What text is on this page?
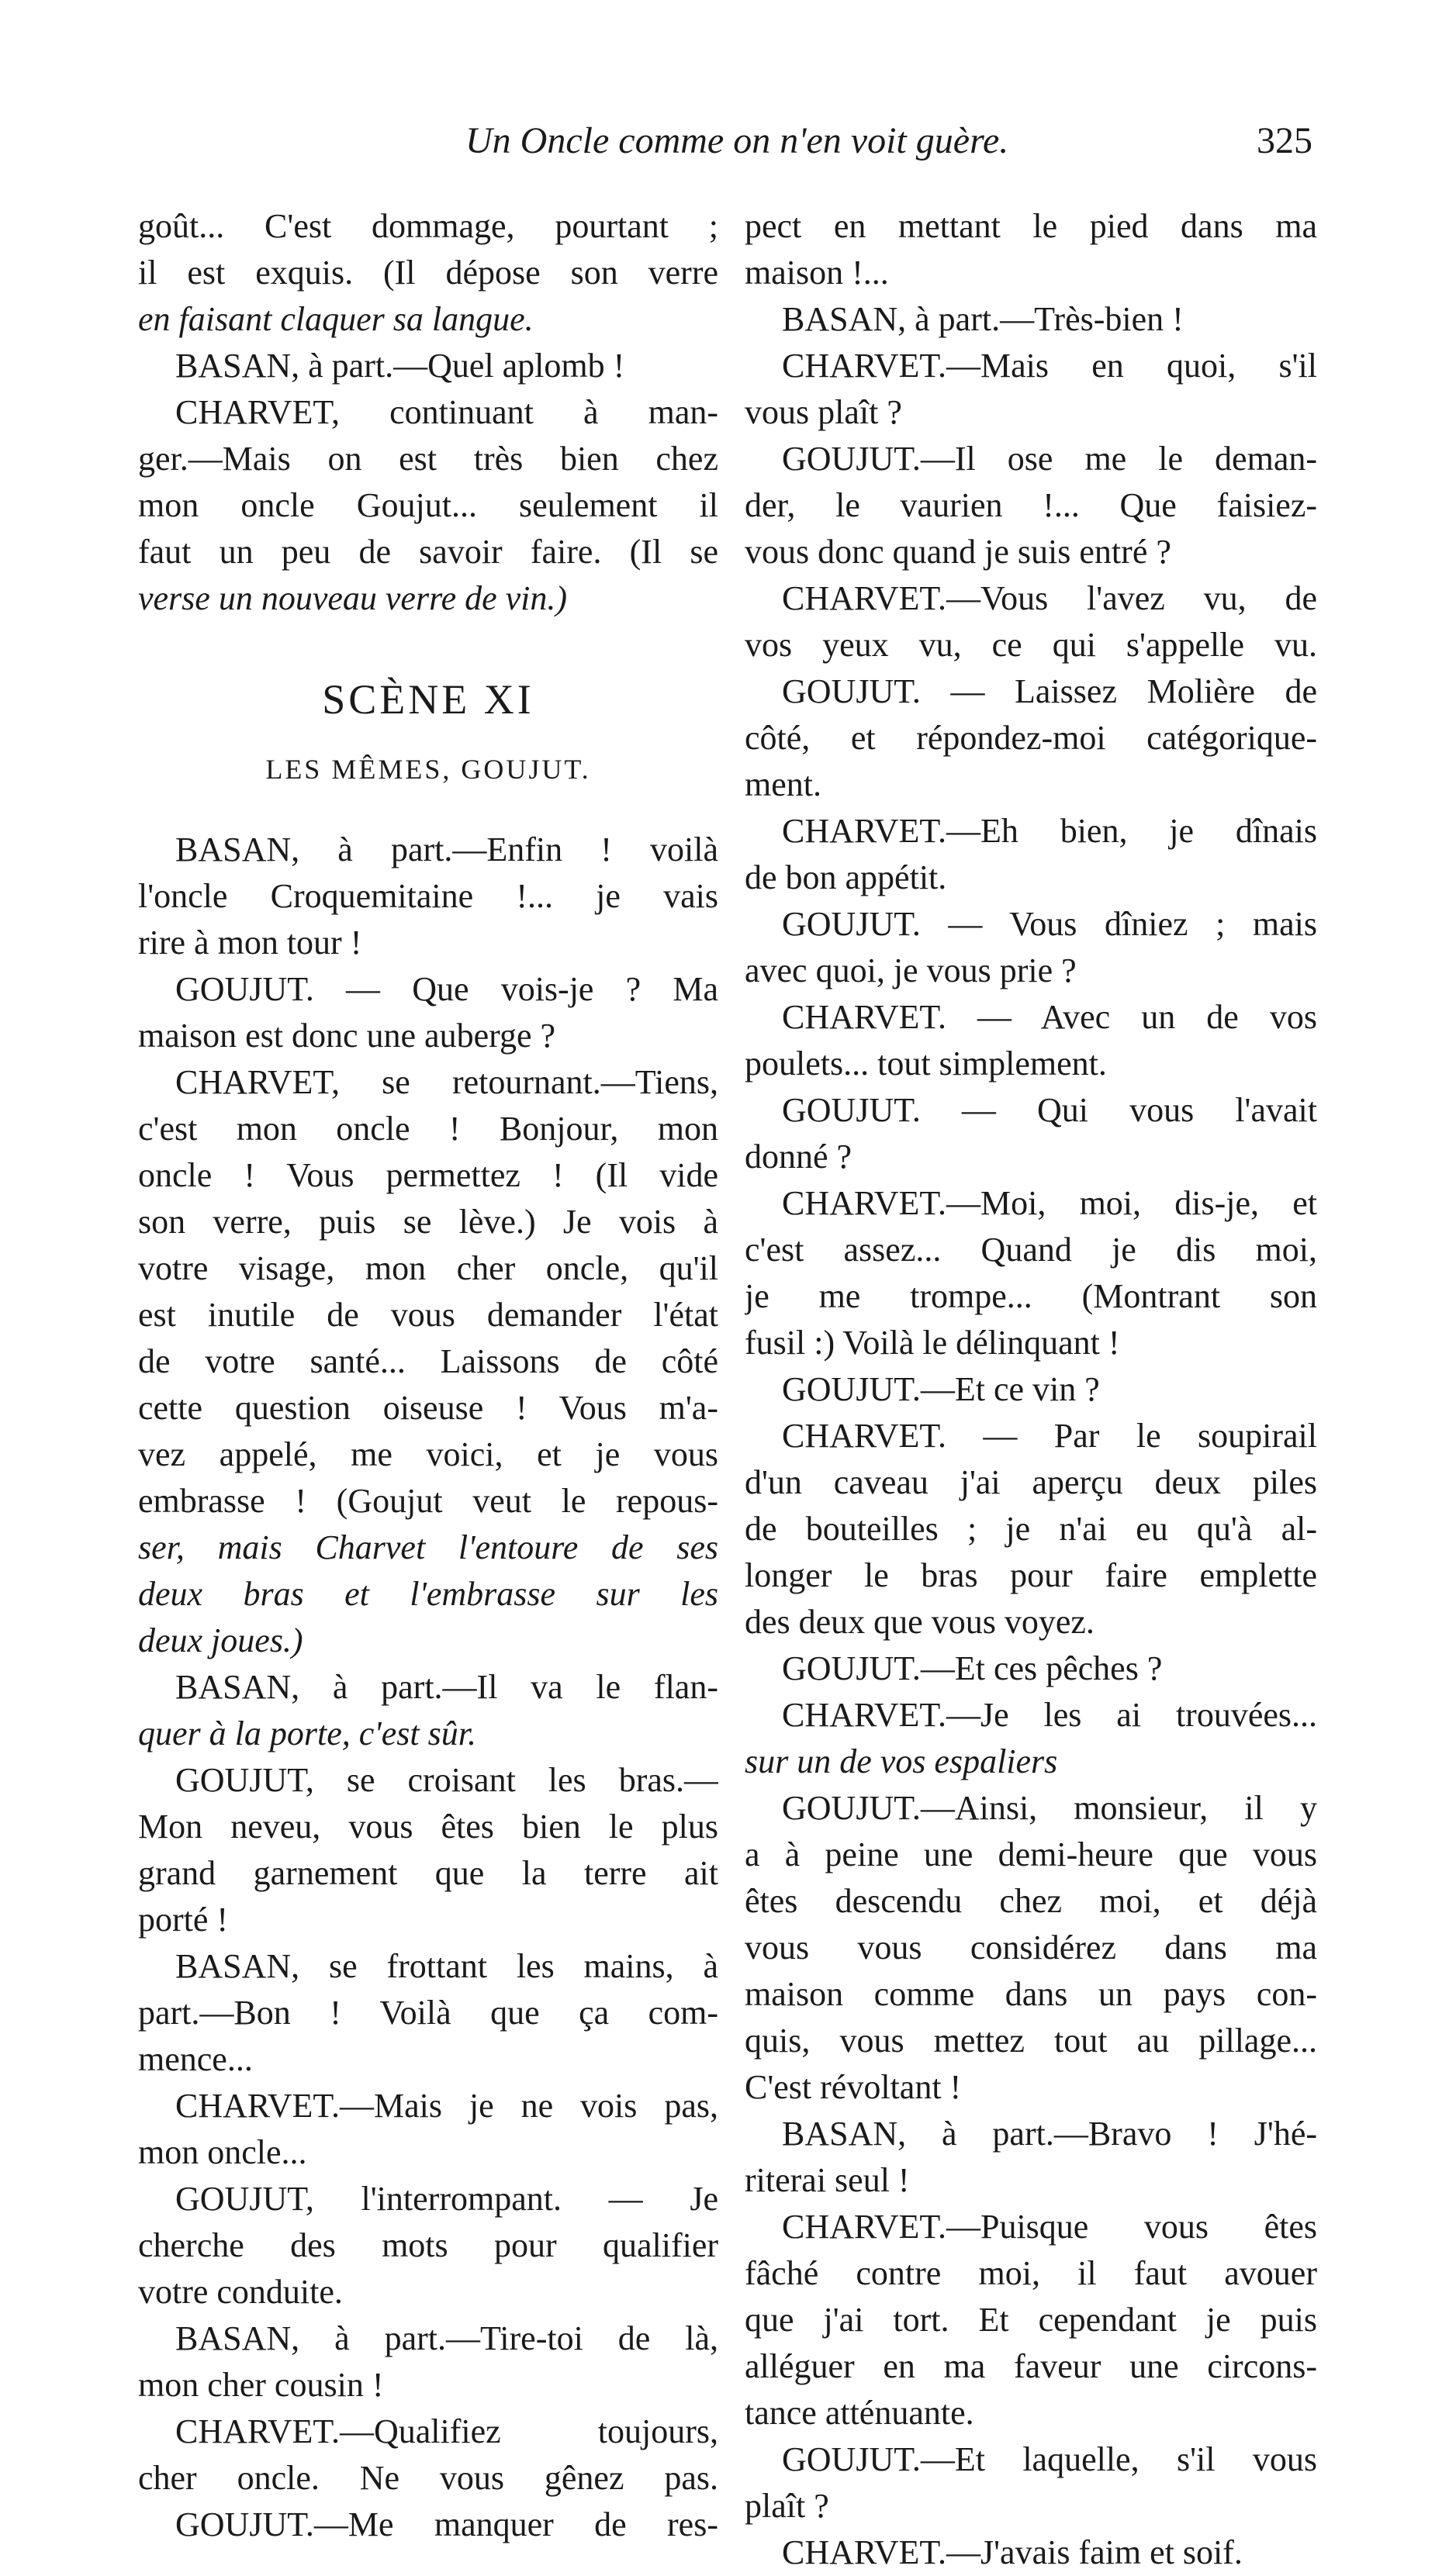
Un Oncle comme on n'en voit guère.	325
goût... C'est dommage, pourtant ;
il est exquis. (Il dépose son verre
en faisant claquer sa langue.
BASAN, à part.—Quel aplomb !
CHARVET, continuant à man-
ger.—Mais on est très bien chez
mon oncle Goujut... seulement il
faut un peu de savoir faire. (Il se
verse un nouveau verre de vin.)
SCÈNE XI
LES MÊMES, GOUJUT.
BASAN, à part.—Enfin ! voilà
l'oncle Croquemitaine !... je vais
rire à mon tour !
GOUJUT. — Que vois-je ? Ma
maison est donc une auberge ?
CHARVET, se retournant.—Tiens,
c'est mon oncle ! Bonjour, mon
oncle ! Vous permettez ! (Il vide
son verre, puis se lève.) Je vois à
votre visage, mon cher oncle, qu'il
est inutile de vous demander l'état
de votre santé... Laissons de côté
cette question oiseuse ! Vous m'a-
vez appelé, me voici, et je vous
embrasse ! (Goujut veut le repous-
ser, mais Charvet l'entoure de ses
deux bras et l'embrasse sur les
deux joues.)
BASAN, à part.—Il va le flan-
quer à la porte, c'est sûr.
GOUJUT, se croisant les bras.—
Mon neveu, vous êtes bien le plus
grand garnement que la terre ait
porté !
BASAN, se frottant les mains, à
part.—Bon ! Voilà que ça com-
mence...
CHARVET.—Mais je ne vois pas,
mon oncle...
GOUJUT, l'interrompant. — Je
cherche des mots pour qualifier
votre conduite.
BASAN, à part.—Tire-toi de là,
mon cher cousin !
CHARVET.—Qualifiez toujours,
cher oncle. Ne vous gênez pas.
GOUJUT.—Me manquer de res-
pect en mettant le pied dans ma
maison !...
BASAN, à part.—Très-bien !
CHARVET.—Mais en quoi, s'il
vous plaît ?
GOUJUT.—Il ose me le deman-
der, le vaurien !... Que faisiez-
vous donc quand je suis entré ?
CHARVET.—Vous l'avez vu, de
vos yeux vu, ce qui s'appelle vu.
GOUJUT. — Laissez Molière de
côté, et répondez-moi catégorique-
ment.
CHARVET.—Eh bien, je dînais
de bon appétit.
GOUJUT. — Vous dîniez ; mais
avec quoi, je vous prie ?
CHARVET. — Avec un de vos
poulets... tout simplement.
GOUJUT. — Qui vous l'avait
donné ?
CHARVET.—Moi, moi, dis-je, et
c'est assez... Quand je dis moi,
je me trompe... (Montrant son
fusil :) Voilà le délinquant !
GOUJUT.—Et ce vin ?
CHARVET. — Par le soupirail
d'un caveau j'ai aperçu deux piles
de bouteilles ; je n'ai eu qu'à al-
longer le bras pour faire emplette
des deux que vous voyez.
GOUJUT.—Et ces pêches ?
CHARVET.—Je les ai trouvées...
sur un de vos espaliers
GOUJUT.—Ainsi, monsieur, il y
a à peine une demi-heure que vous
êtes descendu chez moi, et déjà
vous vous considérez dans ma
maison comme dans un pays con-
quis, vous mettez tout au pillage...
C'est révoltant !
BASAN, à part.—Bravo ! J'hé-
riterai seul !
CHARVET.—Puisque vous êtes
fâché contre moi, il faut avouer
que j'ai tort. Et cependant je puis
alléguer en ma faveur une circons-
tance atténuante.
GOUJUT.—Et laquelle, s'il vous
plaît ?
CHARVET.—J'avais faim et soif.
